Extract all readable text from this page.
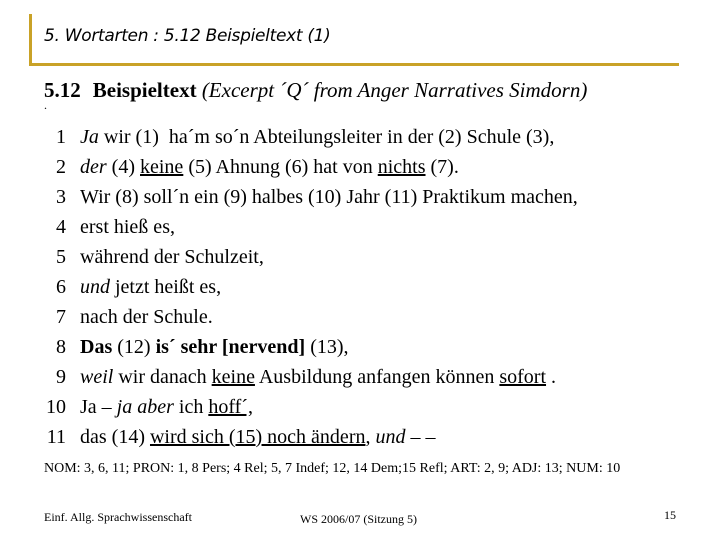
5. Wortarten : 5.12 Beispieltext (1)
5.12 Beispieltext (Excerpt ´Q´ from Anger Narratives Simdorn)
.
1 Ja wir (1)  ha´m so´n Abteilungsleiter in der (2) Schule (3),
2 der (4) keine (5) Ahnung (6) hat von nichts (7).
3 Wir (8) soll´n ein (9) halbes (10) Jahr (11) Praktikum machen,
4 erst hieß es,
5 während der Schulzeit,
6 und jetzt heißt es,
7 nach der Schule.
8 Das (12) is´ sehr [nervend] (13),
9 weil wir danach keine Ausbildung anfangen können sofort .
10 Ja – ja aber ich hoff´,
11 das (14) wird sich (15) noch ändern, und – –
NOM: 3, 6, 11; PRON: 1, 8 Pers; 4 Rel; 5, 7 Indef; 12, 14 Dem;15 Refl; ART: 2, 9; ADJ: 13; NUM: 10
Einf. Allg. Sprachwissenschaft	WS 2006/07 (Sitzung 5)	15
